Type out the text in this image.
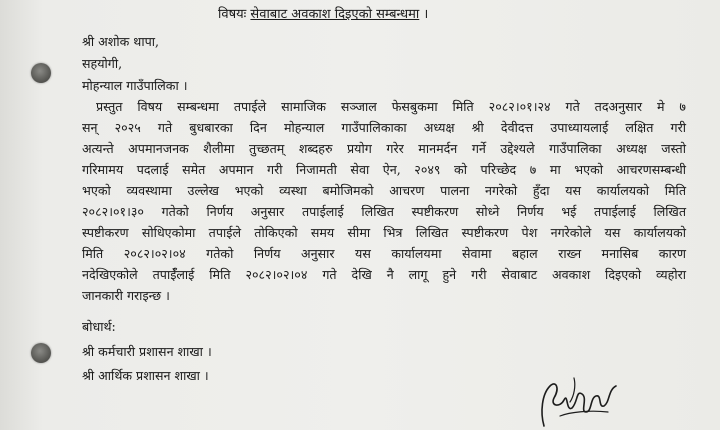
विषयः सेवाबाट अवकाश दिइएको सम्बन्धमा ।
श्री अशोक थापा,
सहयोगी,
मोहन्याल गाउँपालिका ।
प्रस्तुत विषय सम्बन्धमा तपाईले सामाजिक सञ्जाल फेसबुकमा मिति २०८२।०१।२४ गते तदअनुसार मे ७
सन् २०२५ गते बुधबारका दिन मोहन्याल गाउँपालिकाका अध्यक्ष श्री देवीदत्त उपाध्यायलाई लक्षित गरी
अत्यन्ते अपमानजनक शैलीमा तुच्छतम् शब्दहरु प्रयोग गरेर मानमर्दन गर्ने उद्देश्यले गाउँपालिका अध्यक्ष जस्तो
गरिमामय पदलाई समेत अपमान गरी निजामती सेवा ऐन, २०४९ को परिच्छेद ७ मा भएको आचरणसम्बन्धी
भएको व्यवस्थामा उल्लेख भएको व्यस्था बमोजिमको आचरण पालना नगरेको हुँदा यस कार्यालयको मिति
२०८२।०१।३० गतेको निर्णय अनुसार तपाईलाई लिखित स्पष्टीकरण सोध्ने निर्णय भई तपाईलाई लिखित
स्पष्टीकरण सोधिएकोमा तपाईले तोकिएको समय सीमा भित्र लिखित स्पष्टीकरण पेश नगरेकोले यस कार्यालयको
मिति २०८२।०२।०४ गतेको निर्णय अनुसार यस कार्यालयमा सेवामा बहाल राख्न मनासिब कारण
नदेखिएकोले तपाईँलाई मिति २०८२।०२।०४ गते देखि नै लागू हुने गरी सेवाबाट अवकाश दिइएको व्यहोरा
जानकारी गराइन्छ ।
बोधार्थ:
श्री कर्मचारी प्रशासन शाखा ।
श्री आर्थिक प्रशासन शाखा ।
